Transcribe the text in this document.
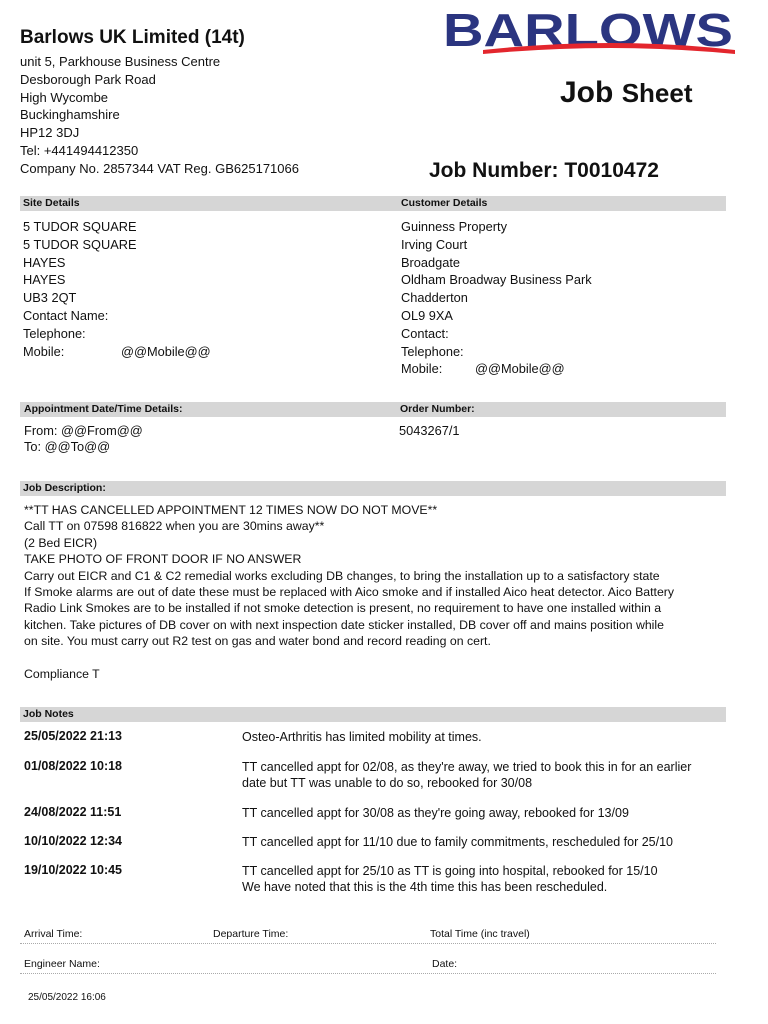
Barlows UK Limited (14t)
unit 5, Parkhouse Business Centre
Desborough Park Road
High Wycombe
Buckinghamshire
HP12 3DJ
Tel: +441494412350
Company No. 2857344 VAT Reg. GB625171066
BARLOWS
Job Sheet
Job Number: T0010472
Site Details	Customer Details
5 TUDOR SQUARE
5 TUDOR SQUARE
HAYES
HAYES
UB3 2QT
Contact Name:
Telephone:
Mobile:	@@Mobile@@
Guinness Property
Irving Court
Broadgate
Oldham Broadway Business Park
Chadderton
OL9 9XA
Contact:
Telephone:
Mobile:	@@Mobile@@
Appointment Date/Time Details:	Order Number:
From: @@From@@
To: @@To@@
5043267/1
Job Description:
**TT HAS CANCELLED APPOINTMENT 12 TIMES NOW DO NOT MOVE**
Call TT on 07598 816822 when you are 30mins away**
(2 Bed EICR)
TAKE PHOTO OF FRONT DOOR IF NO ANSWER
Carry out EICR and C1 & C2 remedial works excluding DB changes, to bring the installation up to a satisfactory state
If Smoke alarms are out of date these must be replaced with Aico smoke and if installed Aico heat detector. Aico Battery
Radio Link Smokes are to be installed if not smoke detection is present, no requirement to have one installed within a
kitchen. Take pictures of DB cover on with next inspection date sticker installed, DB cover off and mains position while
on site. You must carry out R2 test on gas and water bond and record reading on cert.
Compliance T
Job Notes
25/05/2022 21:13	Osteo-Arthritis has limited mobility at times.
01/08/2022 10:18	TT cancelled appt for 02/08, as they're away, we tried to book this in for an earlier
date but TT was unable to do so, rebooked for 30/08
24/08/2022 11:51	TT cancelled appt for 30/08 as they're going away, rebooked for 13/09
10/10/2022 12:34	TT cancelled appt for 11/10 due to family commitments, rescheduled for 25/10
19/10/2022 10:45	TT cancelled appt for 25/10 as TT is going into hospital, rebooked for 15/10
We have noted that this is the 4th time this has been rescheduled.
Arrival Time:	Departure Time:	Total Time (inc travel)
Engineer Name:	Date:
25/05/2022 16:06
